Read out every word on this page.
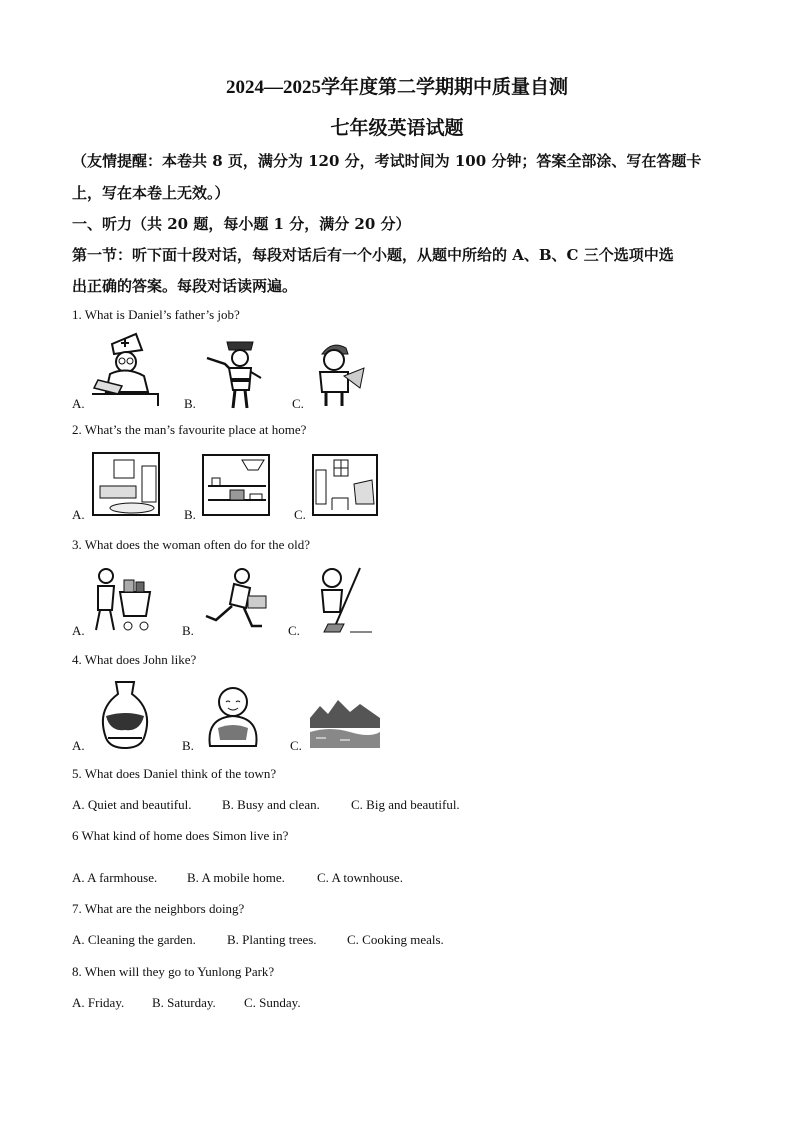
2024—2025学年度第二学期期中质量自测
七年级英语试题
（友情提醒：本卷共 8 页，满分为 120 分，考试时间为 100 分钟；答案全部涂、写在答题卡
上，写在本卷上无效。）
一、听力（共 20 题，每小题 1 分，满分 20 分）
第一节：听下面十段对话，每段对话后有一个小题，从题中所给的 A、B、C 三个选项中选
出正确的答案。每段对话读两遍。
1. What is Daniel’s father’s job?
A.	B.	C.
2. What’s the man’s favourite place at home?
A.	B.	C.
3. What does the woman often do for the old?
A.	B.	C.
4. What does John like?
A.	B.	C.
5. What does Daniel think of the town?
A. Quiet and beautiful. B. Busy and clean. C. Big and beautiful.
6 What kind of home does Simon live in?
A. A farmhouse. B. A mobile home. C. A townhouse.
7. What are the neighbors doing?
A. Cleaning the garden. B. Planting trees. C. Cooking meals.
8. When will they go to Yunlong Park?
A. Friday. B. Saturday. C. Sunday.
